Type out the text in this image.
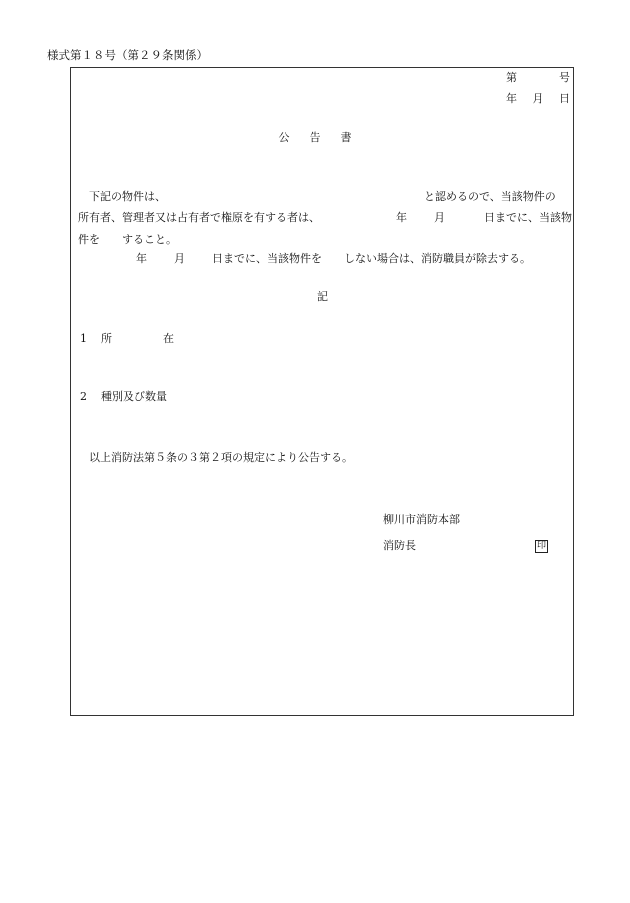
様式第１８号（第２９条関係）
第	号
年 月 日
公 告 書
下記の物件は、	と認めるので、当該物件の
所有者、管理者又は占有者で権原を有する者は、	年 月	日までに、当該物
件を　　すること。
年 月 日までに、当該物件を　　しない場合は、消防職員が除去する。
記
1 所	在
2 種別及び数量
以上消防法第５条の３第２項の規定により公告する。
柳川市消防本部
消防長	印
